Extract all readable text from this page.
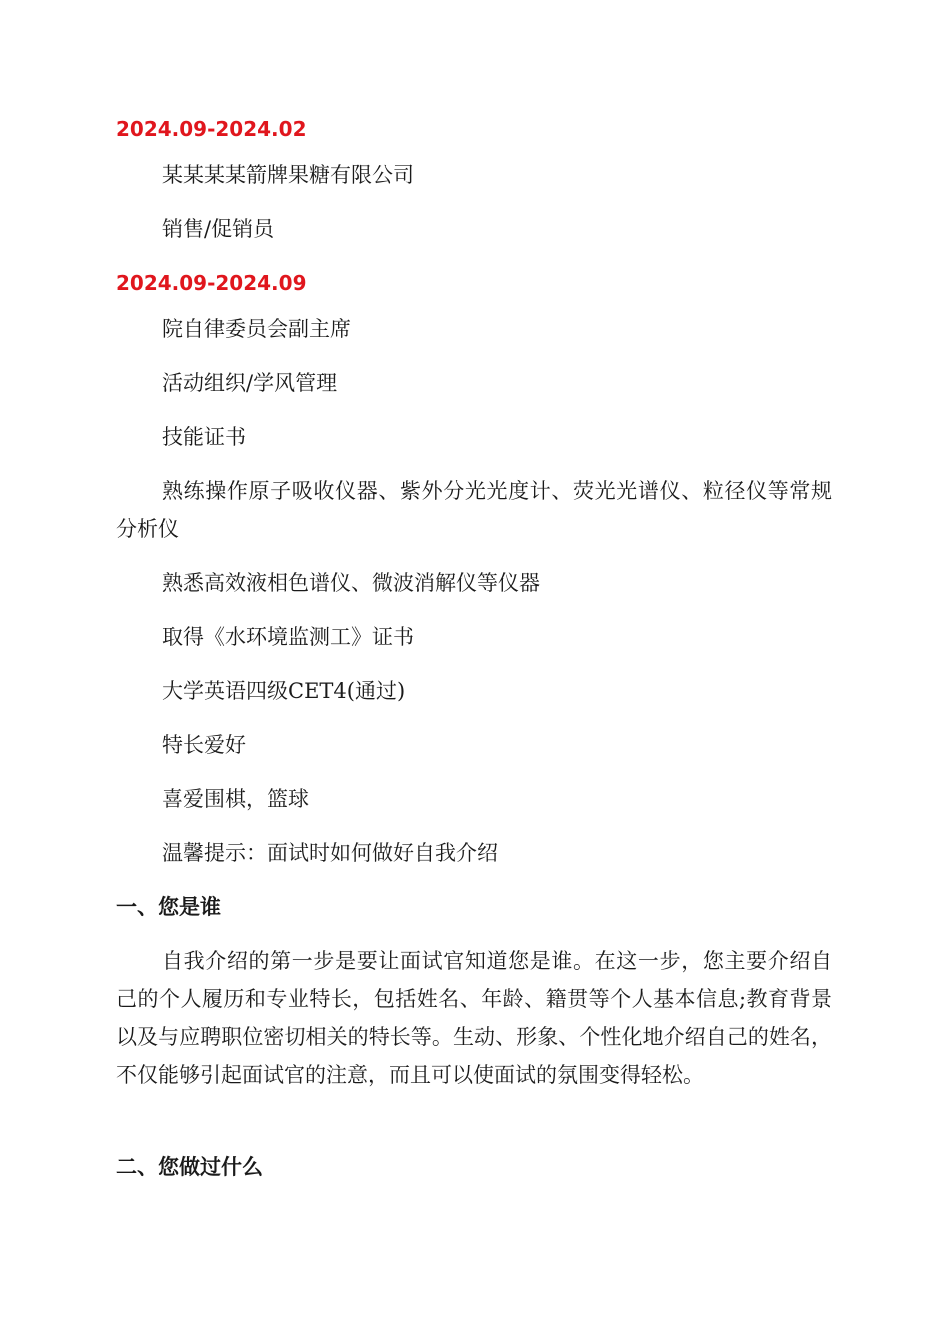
2024.09-2024.02
某某某某箭牌果糖有限公司
销售/促销员
2024.09-2024.09
院自律委员会副主席
活动组织/学风管理
技能证书
熟练操作原子吸收仪器、紫外分光光度计、荧光光谱仪、粒径仪等常规分析仪
熟悉高效液相色谱仪、微波消解仪等仪器
取得《水环境监测工》证书
大学英语四级CET4(通过)
特长爱好
喜爱围棋，篮球
温馨提示：面试时如何做好自我介绍
一、您是谁
自我介绍的第一步是要让面试官知道您是谁。在这一步，您主要介绍自己的个人履历和专业特长，包括姓名、年龄、籍贯等个人基本信息;教育背景以及与应聘职位密切相关的特长等。生动、形象、个性化地介绍自己的姓名，不仅能够引起面试官的注意，而且可以使面试的氛围变得轻松。
二、您做过什么
